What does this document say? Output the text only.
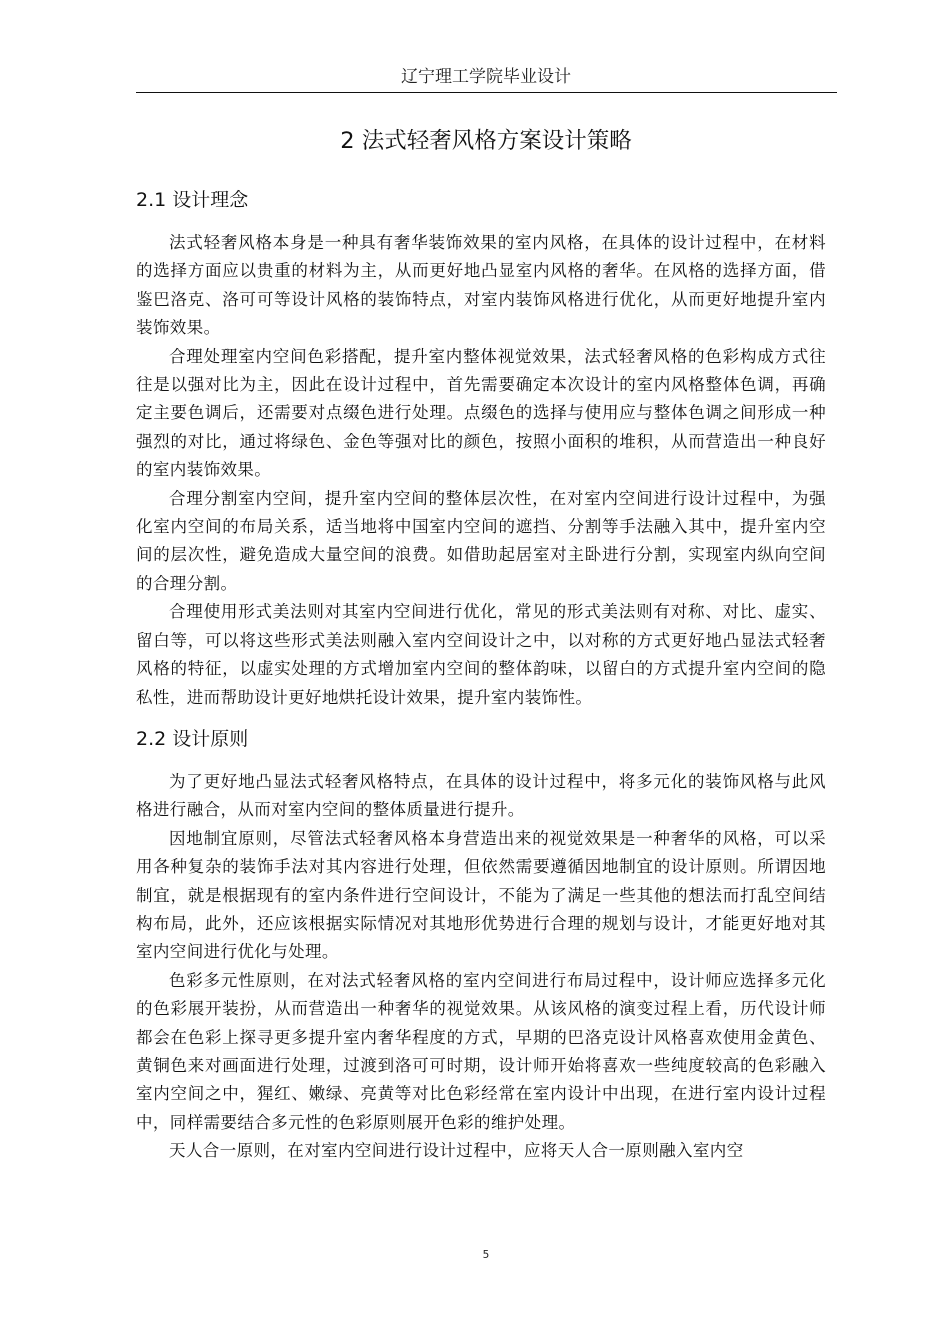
辽宁理工学院毕业设计
2 法式轻奢风格方案设计策略
2.1 设计理念

法式轻奢风格本身是一种具有奢华装饰效果的室内风格，在具体的设计过程中，在材料的选择方面应以贵重的材料为主，从而更好地凸显室内风格的奢华。在风格的选择方面，借鉴巴洛克、洛可可等设计风格的装饰特点，对室内装饰风格进行优化，从而更好地提升室内装饰效果。

合理处理室内空间色彩搭配，提升室内整体视觉效果，法式轻奢风格的色彩构成方式往往是以强对比为主，因此在设计过程中，首先需要确定本次设计的室内风格整体色调，再确定主要色调后，还需要对点缀色进行处理。点缀色的选择与使用应与整体色调之间形成一种强烈的对比，通过将绿色、金色等强对比的颜色，按照小面积的堆积，从而营造出一种良好的室内装饰效果。

合理分割室内空间，提升室内空间的整体层次性，在对室内空间进行设计过程中，为强化室内空间的布局关系，适当地将中国室内空间的遮挡、分割等手法融入其中，提升室内空间的层次性，避免造成大量空间的浪费。如借助起居室对主卧进行分割，实现室内纵向空间的合理分割。

合理使用形式美法则对其室内空间进行优化，常见的形式美法则有对称、对比、虚实、留白等，可以将这些形式美法则融入室内空间设计之中，以对称的方式更好地凸显法式轻奢风格的特征，以虚实处理的方式增加室内空间的整体韵味，以留白的方式提升室内空间的隐私性，进而帮助设计更好地烘托设计效果，提升室内装饰性。

2.2 设计原则

为了更好地凸显法式轻奢风格特点，在具体的设计过程中，将多元化的装饰风格与此风格进行融合，从而对室内空间的整体质量进行提升。

因地制宜原则，尽管法式轻奢风格本身营造出来的视觉效果是一种奢华的风格，可以采用各种复杂的装饰手法对其内容进行处理，但依然需要遵循因地制宜的设计原则。所谓因地制宜，就是根据现有的室内条件进行空间设计，不能为了满足一些其他的想法而打乱空间结构布局，此外，还应该根据实际情况对其地形优势进行合理的规划与设计，才能更好地对其室内空间进行优化与处理。

色彩多元性原则，在对法式轻奢风格的室内空间进行布局过程中，设计师应选择多元化的色彩展开装扮，从而营造出一种奢华的视觉效果。从该风格的演变过程上看，历代设计师都会在色彩上探寻更多提升室内奢华程度的方式，早期的巴洛克设计风格喜欢使用金黄色、黄铜色来对画面进行处理，过渡到洛可可时期，设计师开始将喜欢一些纯度较高的色彩融入室内空间之中，猩红、嫩绿、亮黄等对比色彩经常在室内设计中出现，在进行室内设计过程中，同样需要结合多元性的色彩原则展开色彩的维护处理。

天人合一原则，在对室内空间进行设计过程中，应将天人合一原则融入室内空

5
